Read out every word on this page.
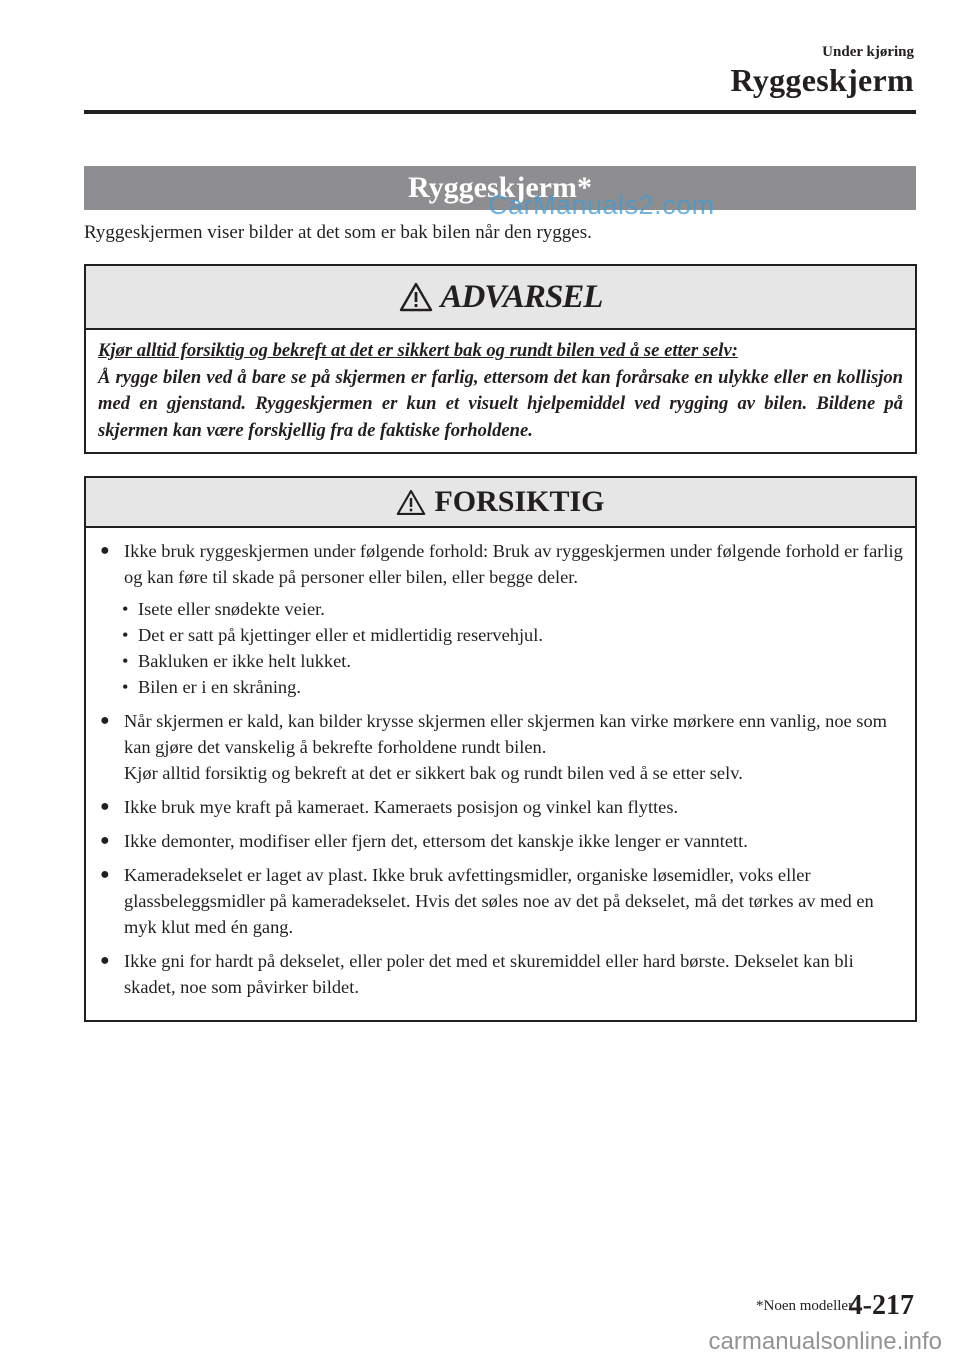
Under kjøring
Ryggeskjerm
Ryggeskjerm*
CarManuals2.com
Ryggeskjermen viser bilder at det som er bak bilen når den rygges.
ADVARSEL
Kjør alltid forsiktig og bekreft at det er sikkert bak og rundt bilen ved å se etter selv:
Å rygge bilen ved å bare se på skjermen er farlig, ettersom det kan forårsake en ulykke eller en kollisjon med en gjenstand. Ryggeskjermen er kun et visuelt hjelpemiddel ved rygging av bilen. Bildene på skjermen kan være forskjellig fra de faktiske forholdene.
FORSIKTIG
● Ikke bruk ryggeskjermen under følgende forhold: Bruk av ryggeskjermen under følgende forhold er farlig og kan føre til skade på personer eller bilen, eller begge deler.
• Isete eller snødekte veier.
• Det er satt på kjettinger eller et midlertidig reservehjul.
• Bakluken er ikke helt lukket.
• Bilen er i en skråning.
● Når skjermen er kald, kan bilder krysse skjermen eller skjermen kan virke mørkere enn vanlig, noe som kan gjøre det vanskelig å bekrefte forholdene rundt bilen.
Kjør alltid forsiktig og bekreft at det er sikkert bak og rundt bilen ved å se etter selv.
● Ikke bruk mye kraft på kameraet. Kameraets posisjon og vinkel kan flyttes.
● Ikke demonter, modifiser eller fjern det, ettersom det kanskje ikke lenger er vanntett.
● Kameradekselet er laget av plast. Ikke bruk avfettingsmidler, organiske løsemidler, voks eller glassbeleggsmidler på kameradekselet. Hvis det søles noe av det på dekselet, må det tørkes av med en myk klut med én gang.
● Ikke gni for hardt på dekselet, eller poler det med et skuremiddel eller hard børste. Dekselet kan bli skadet, noe som påvirker bildet.
*Noen modeller.
4-217
carmanualsonline.info
